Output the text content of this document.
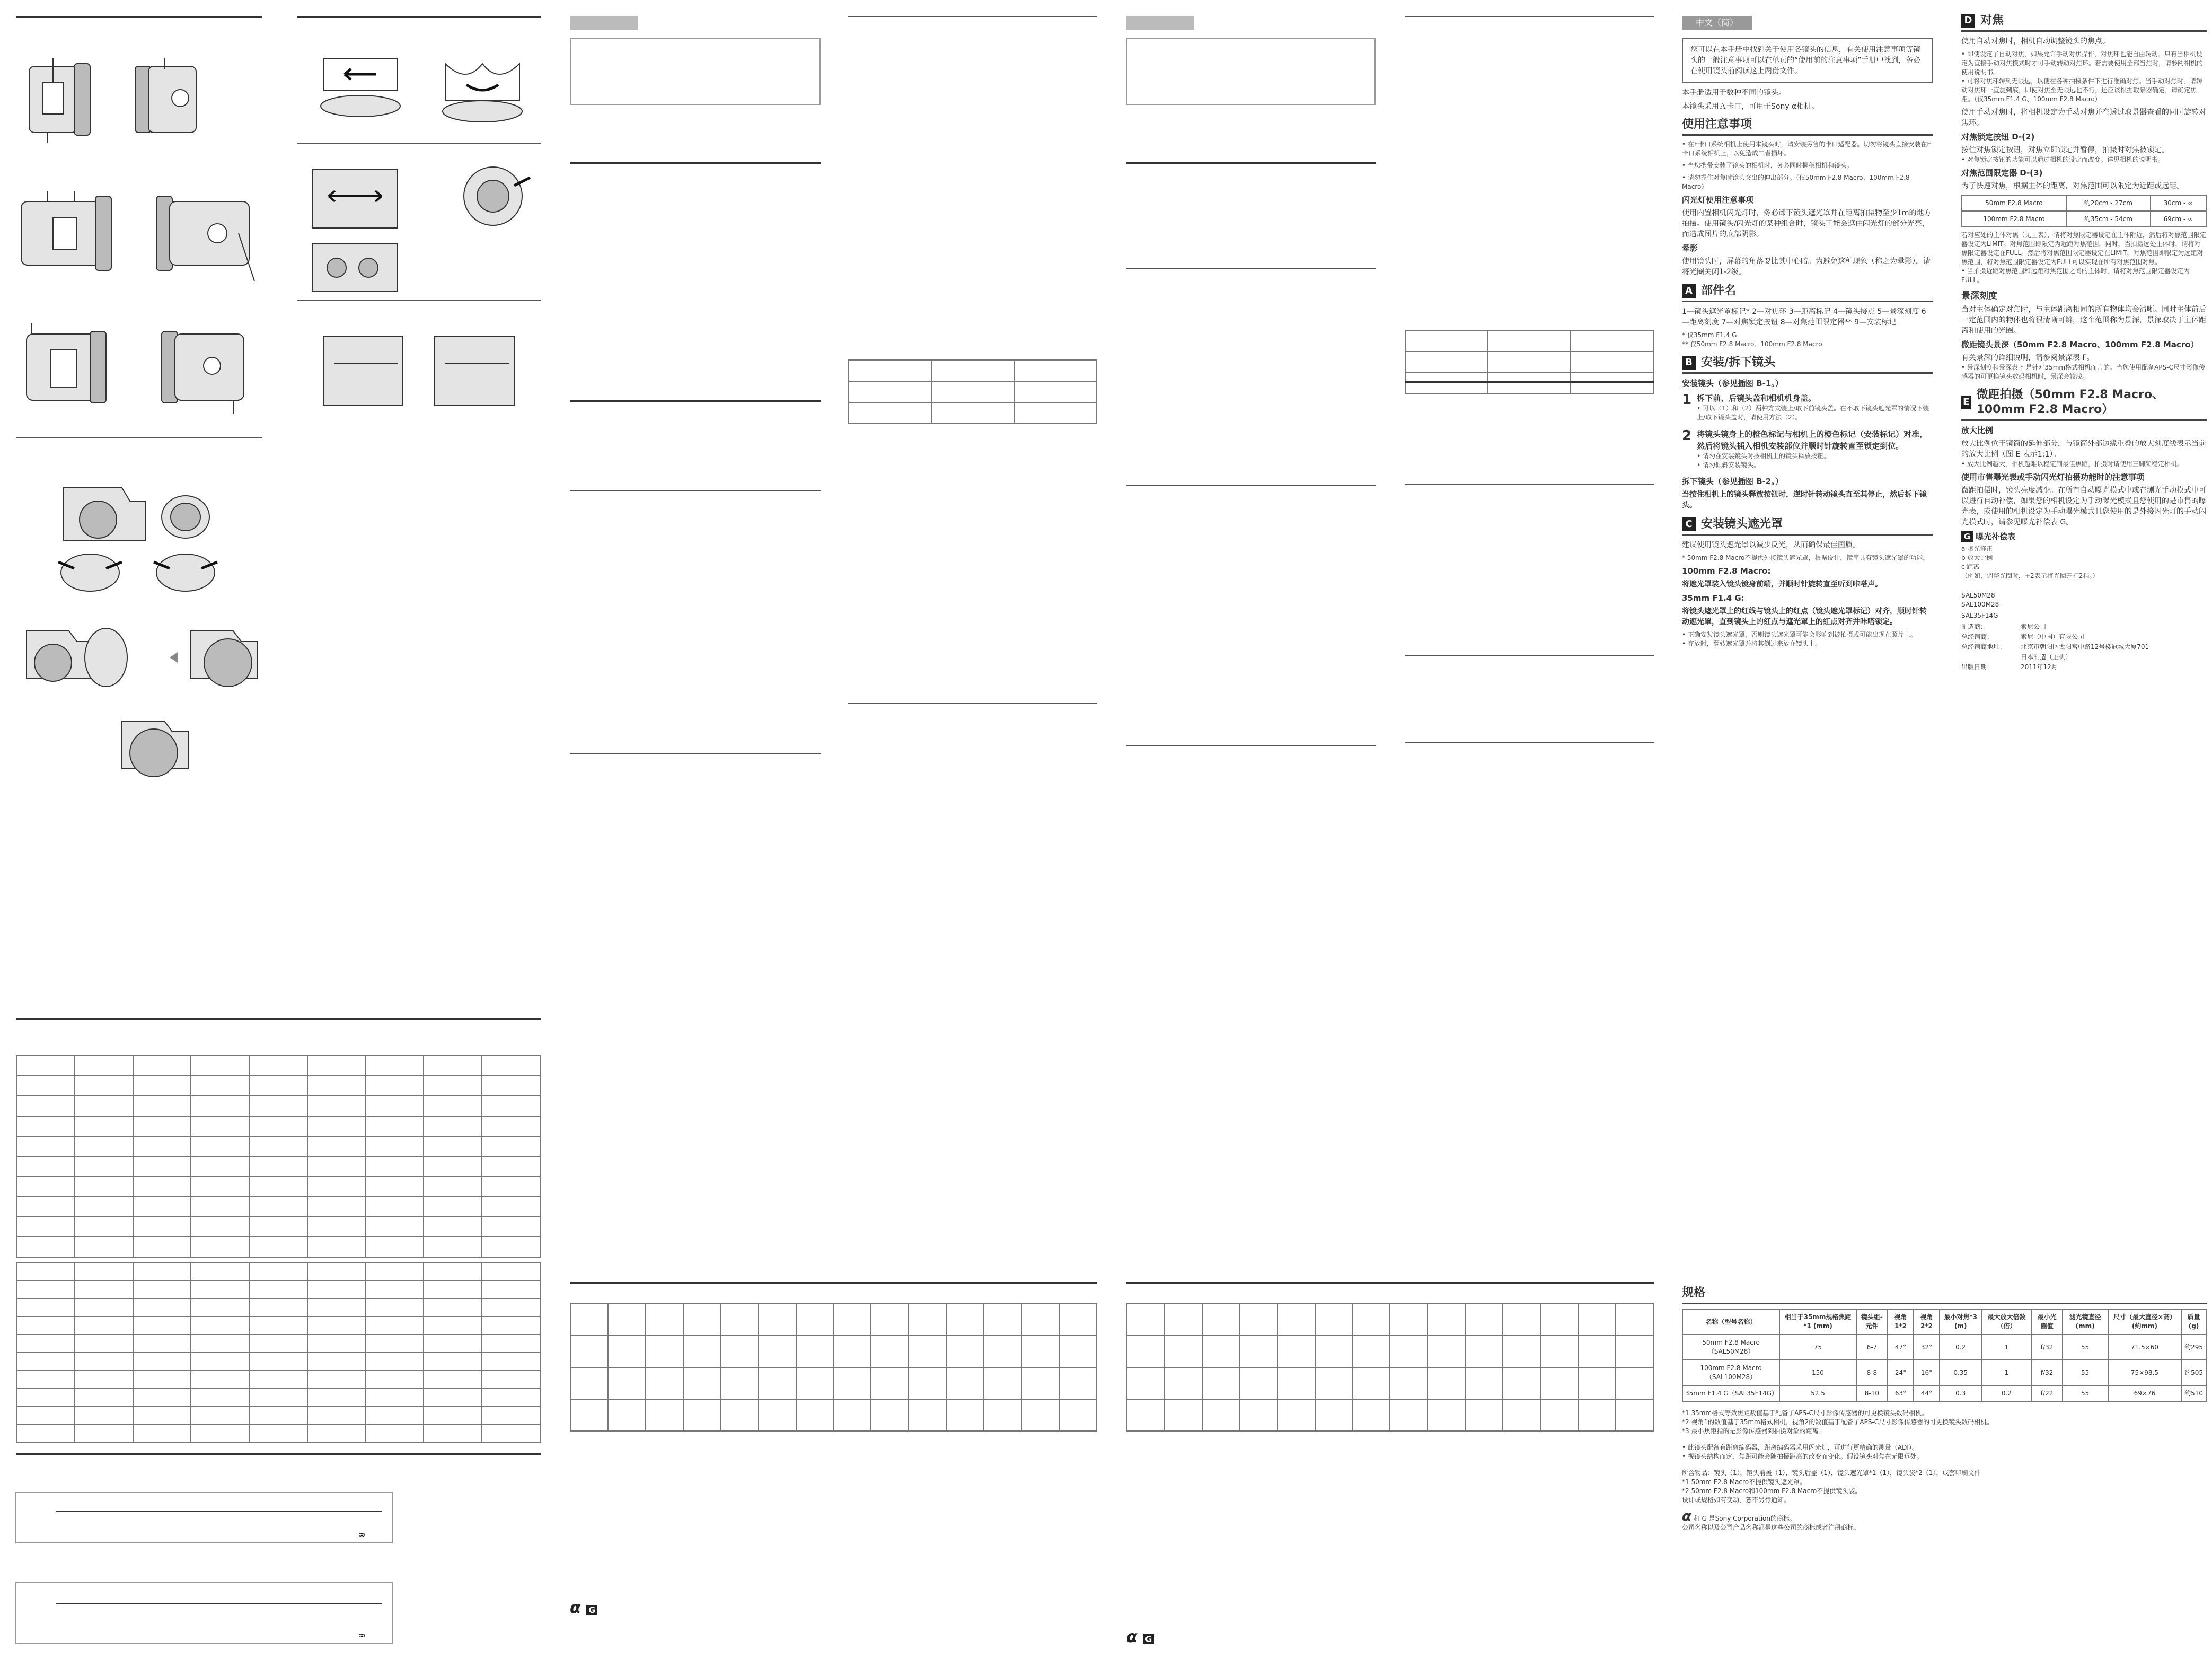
∞
∞

α G

α G

中文（简）
您可以在本手册中找到关于使用各镜头的信息，有关使用注意事项等镜头的一般注意事项可以在单页的“使用前的注意事项”手册中找到，务必在使用镜头前阅读这上两份文件。

本手册适用于数种不同的镜头。

本镜头采用Ａ卡口，可用于Sony α相机。

使用注意事项

• 在E卡口系统相机上使用本镜头时，请安装另售的卡口适配器。切勿将镜头直接安装在E卡口系统相机上，以免造成二者损坏。

• 当您携带安装了镜头的相机时，务必同时握稳相机和镜头。

• 请勿握住对焦时镜头突出的伸出部分。（仅50mm F2.8 Macro、100mm F2.8 Macro）

闪光灯使用注意事项

使用内置相机闪光灯时，务必卸下镜头遮光罩并在距离拍摄物至少1m的地方拍摄。使用镜头/闪光灯的某种组合时，镜头可能会遮住闪光灯的部分光亮，而造成图片的底部阴影。

晕影

使用镜头时，屏幕的角落要比其中心暗。为避免这种现象（称之为晕影），请将光圈关闭1-2级。

A 部件名

1—镜头遮光罩标记* 2—对焦环 3—距离标记 4—镜头接点 5—景深刻度 6—距离刻度 7—对焦锁定按钮 8—对焦范围限定器** 9—安装标记

* 仅35mm F1.4 G

** 仅50mm F2.8 Macro、100mm F2.8 Macro

B 安装/拆下镜头
安装镜头（参见插图 B-1。）
1 拆下前、后镜头盖和相机机身盖。

• 可以（1）和（2）两种方式装上/取下前镜头盖。在不取下镜头遮光罩的情况下装上/取下镜头盖时，请使用方法（2）。

2 将镜头镜身上的橙色标记与相机上的橙色标记（安装标记）对准，然后将镜头插入相机安装部位并顺时针旋转直至锁定到位。

• 请勿在安装镜头时按相机上的镜头释放按钮。

• 请勿倾斜安装镜头。

拆下镜头（参见插图 B-2。）

当按住相机上的镜头释放按钮时，逆时针转动镜头直至其停止，然后拆下镜头。

C 安装镜头遮光罩

建议使用镜头遮光罩以减少反光，从而确保最佳画质。

* 50mm F2.8 Macro不提供外接镜头遮光罩，根据设计，镜筒具有镜头遮光罩的功能。

100mm F2.8 Macro:

将遮光罩装入镜头镜身前端，并顺时针旋转直至听到咔嗒声。

35mm F1.4 G:

将镜头遮光罩上的红线与镜头上的红点（镜头遮光罩标记）对齐，顺时针转动遮光罩，直到镜头上的红点与遮光罩上的红点对齐并咔嗒锁定。

• 正确安装镜头遮光罩，否则镜头遮光罩可能会影响到被拍摄或可能出现在照片上。

• 存放时，翻转遮光罩并将其倒过来放在镜头上。

D 对焦

使用自动对焦时，相机自动调整镜头的焦点。

• 即使设定了自动对焦，如果允许手动对焦操作，对焦环也能自由转动。只有当相机设定为直接手动对焦模式时才可手动转动对焦环。若需要使用全部当焦时，请参阅相机的使用说明书。

• 可将对焦环转到无限远，以便在各种拍摄条件下进行准确对焦。当手动对焦时，请转动对焦环一直旋到底，即使对焦至无限远也不行，还应该根据取景器确定，请确定焦距。（仅35mm F1.4 G、100mm F2.8 Macro）

使用手动对焦时，将相机设定为手动对焦并在透过取景器查看的同时旋转对焦环。

对焦锁定按钮 D-(2)

按住对焦锁定按钮，对焦立即锁定并暂停，拍摄时对焦被锁定。

• 对焦锁定按钮的功能可以通过相机的设定而改变。详见相机的说明书。

对焦范围限定器 D-(3)

为了快速对焦，根据主体的距离，对焦范围可以限定为近距或远距。

50mm F2.8 Macro	约20cm - 27cm	30cm - ∞
100mm F2.8 Macro	约35cm - 54cm	69cm - ∞

若对应处的主体对焦（见上表），请将对焦限定器设定在主体附近，然后将对焦范围限定器设定为LIMIT。对焦范围即限定为近距对焦范围，同时，当拍摄远处主体时，请将对焦限定器设定在FULL。然后将对焦范围限定器设定在LIMIT，对焦范围即限定为远距对焦范围，将对焦范围限定器设定为FULL可以实现在所有对焦范围对焦。

• 当拍摄近距对焦范围和远距对焦范围之间的主体时，请将对焦范围限定器设定为FULL。

景深刻度

当对主体确定对焦时，与主体距离相同的所有物体均会清晰。同时主体前后一定范围内的物体也将很清晰可辨，这个范围称为景深，景深取决于主体距离和使用的光圈。

微距镜头景深（50mm F2.8 Macro、100mm F2.8 Macro）

有关景深的详细说明，请参阅景深表 F。

• 景深刻度和景深表 F 是针对35mm格式相机而言的。当您使用配备APS-C尺寸影像传感器的可更换镜头数码相机时，景深会较浅。

E
微距拍摄（50mm F2.8 Macro、100mm F2.8 Macro）
放大比例

放大比例位于镜筒的延伸部分，与镜筒外部边缘重叠的放大刻度线表示当前的放大比例（图 E 表示1:1）。

• 放大比例越大，相机越难以稳定到最佳焦距，拍摄时请使用三脚架稳定相机。

使用市售曝光表或手动闪光灯拍摄功能时的注意事项

微距拍摄时，镜头亮度减少。在所有自动曝光模式中或在测光手动模式中可以进行自动补偿，如果您的相机设定为手动曝光模式且您使用的是市售的曝光表，或使用的相机设定为手动曝光模式且您使用的是外接闪光灯的手动闪光模式时，请参见曝光补偿表 G。

G 曝光补偿表

a 曝光修正

b 放大比例

c 距离

（例如，调整光圈时，+2表示将光圈开打2档。）

SAL50M28

SAL100M28

SAL35F14G

制造商：	索尼公司
总经销商：	索尼（中国）有限公司
总经销商地址：	北京市朝阳区太阳宫中路12号楼冠城大厦701
日本制造（主机）
出版日期：	2011年12月
规格
名称（型号名称）	相当于35mm规格焦距*1 (mm)	镜头组-元件	视角1*2	视角2*2	最小对焦*3 (m)	最大放大倍数（倍）	最小光圈值	滤光镜直径(mm)	尺寸（最大直径×高）(约mm)	质量(g)
50mm F2.8 Macro（SAL50M28）	75	6-7	47°	32°	0.2	1	f/32	55	71.5×60	约295
100mm F2.8 Macro（SAL100M28）	150	8-8	24°	16°	0.35	1	f/32	55	75×98.5	约505
35mm F1.4 G（SAL35F14G）	52.5	8-10	63°	44°	0.3	0.2	f/22	55	69×76	约510

*1 35mm格式等效焦距数值基于配备了APS-C尺寸影像传感器的可更换镜头数码相机。

*2 视角1的数值基于35mm格式相机，视角2的数值基于配备了APS-C尺寸影像传感器的可更换镜头数码相机。

*3 最小焦距指的是影像传感器到拍摄对象的距离。

• 此镜头配备有距离编码器，距离编码器采用闪光灯，可进行更精确的测量（ADI）。

• 视镜头结构而定，焦距可能会随拍摄距离的改变而变化。假设镜头对焦在无限远处。

所含物品：镜头（1），镜头前盖（1），镜头后盖（1），镜头遮光罩*1（1），镜头袋*2（1），成套印刷文件

*1 50mm F2.8 Macro不提供镜头遮光罩。

*2 50mm F2.8 Macro和100mm F2.8 Macro不提供镜头袋。

设计或规格如有变动，恕不另行通知。

α 和 G 是Sony Corporation的商标。

公司名称以及公司产品名称都是这些公司的商标或者注册商标。
